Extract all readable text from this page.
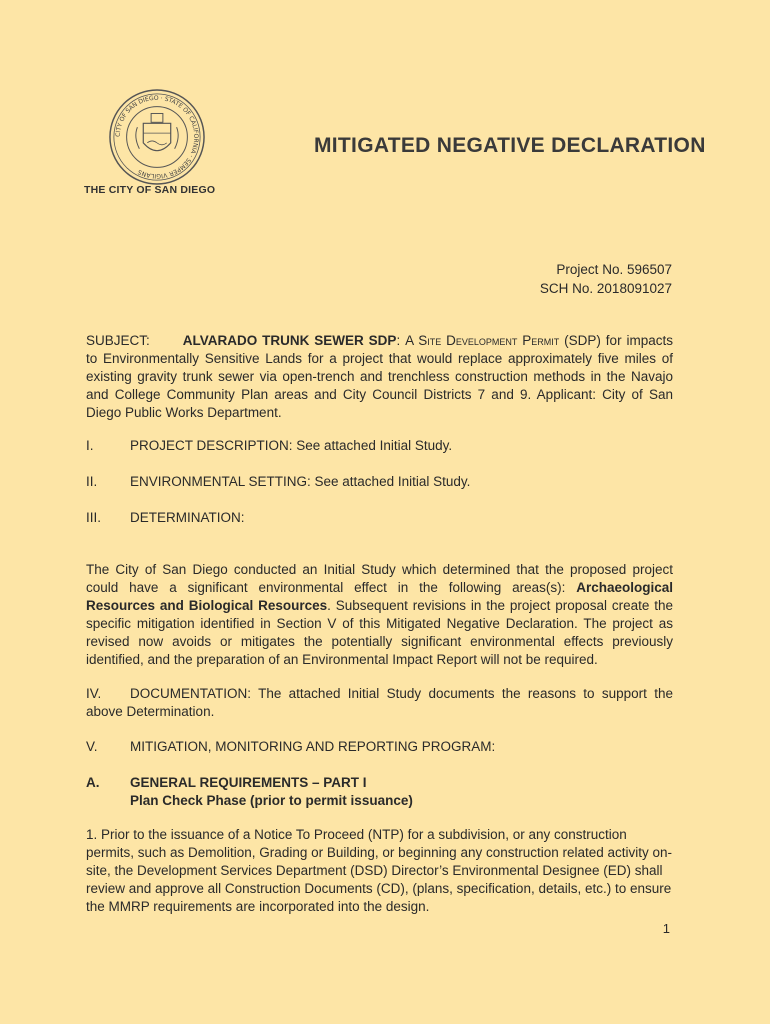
CITY OF SAN DIEGO · STATE OF CALIFORNIA · SEMPER VIGILANS
THE CITY OF SAN DIEGO
MITIGATED NEGATIVE DECLARATION
Project No. 596507
SCH No. 2018091027
SUBJECT: ALVARADO TRUNK SEWER SDP: A Site Development Permit (SDP) for impacts to Environmentally Sensitive Lands for a project that would replace approximately five miles of existing gravity trunk sewer via open-trench and trenchless construction methods in the Navajo and College Community Plan areas and City Council Districts 7 and 9. Applicant: City of San Diego Public Works Department.
I.	PROJECT DESCRIPTION: See attached Initial Study.
II. ENVIRONMENTAL SETTING: See attached Initial Study.
III. DETERMINATION:
The City of San Diego conducted an Initial Study which determined that the proposed project could have a significant environmental effect in the following areas(s): Archaeological Resources and Biological Resources. Subsequent revisions in the project proposal create the specific mitigation identified in Section V of this Mitigated Negative Declaration. The project as revised now avoids or mitigates the potentially significant environmental effects previously identified, and the preparation of an Environmental Impact Report will not be required.
IV. DOCUMENTATION: The attached Initial Study documents the reasons to support the above Determination.
V. MITIGATION, MONITORING AND REPORTING PROGRAM:
A. GENERAL REQUIREMENTS – PART I
Plan Check Phase (prior to permit issuance)
1. Prior to the issuance of a Notice To Proceed (NTP) for a subdivision, or any construction permits, such as Demolition, Grading or Building, or beginning any construction related activity on-site, the Development Services Department (DSD) Director’s Environmental Designee (ED) shall review and approve all Construction Documents (CD), (plans, specification, details, etc.) to ensure the MMRP requirements are incorporated into the design.
1
